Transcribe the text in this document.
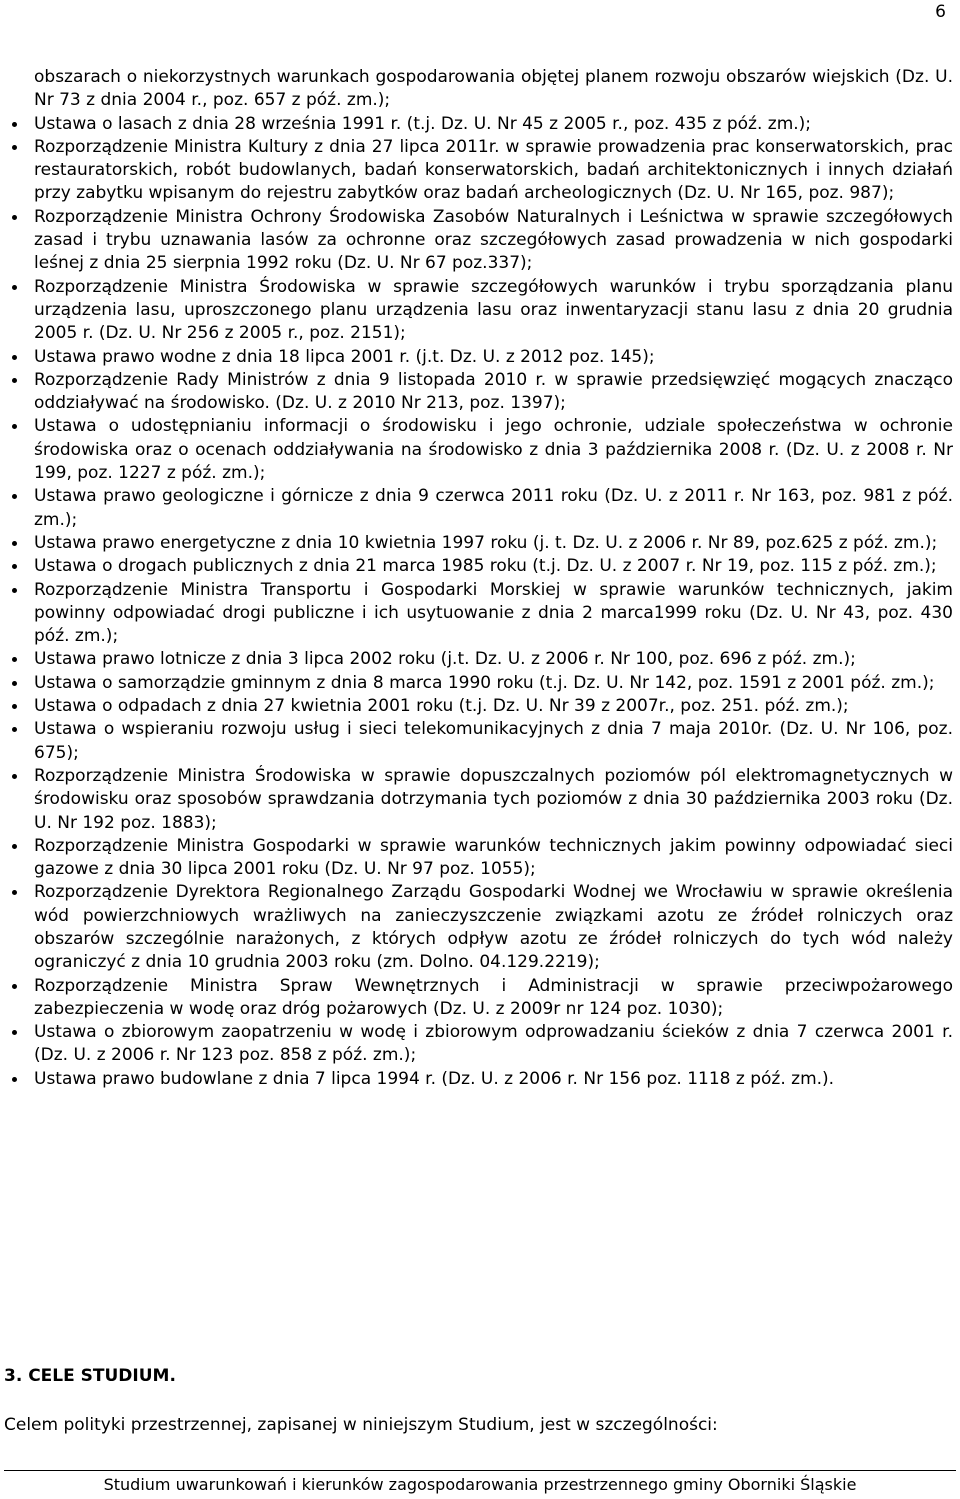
6
obszarach o niekorzystnych warunkach gospodarowania objętej planem rozwoju obszarów wiejskich (Dz. U. Nr 73 z dnia 2004 r., poz. 657 z póź. zm.);
Ustawa o lasach z dnia 28 września 1991 r. (t.j. Dz. U. Nr 45 z 2005 r., poz. 435 z póź. zm.);
Rozporządzenie Ministra Kultury z dnia 27 lipca 2011r. w sprawie prowadzenia prac konserwatorskich, prac restauratorskich, robót budowlanych, badań konserwatorskich, badań architektonicznych i innych działań przy zabytku wpisanym do rejestru zabytków oraz badań archeologicznych (Dz. U. Nr 165, poz. 987);
Rozporządzenie Ministra Ochrony Środowiska Zasobów Naturalnych i Leśnictwa w sprawie szczegółowych zasad i trybu uznawania lasów za ochronne oraz szczegółowych zasad prowadzenia w nich gospodarki leśnej z dnia 25 sierpnia 1992 roku (Dz. U. Nr 67 poz.337);
Rozporządzenie Ministra Środowiska w sprawie szczegółowych warunków i trybu sporządzania planu urządzenia lasu, uproszczonego planu urządzenia lasu oraz inwentaryzacji stanu lasu z dnia 20 grudnia 2005 r. (Dz. U. Nr 256 z 2005 r., poz. 2151);
Ustawa prawo wodne z dnia 18 lipca 2001 r. (j.t. Dz. U. z 2012 poz. 145);
Rozporządzenie Rady Ministrów z dnia 9 listopada 2010 r. w sprawie przedsięwzięć mogących znacząco oddziaływać na środowisko. (Dz. U. z 2010 Nr 213, poz. 1397);
Ustawa o udostępnianiu informacji o środowisku i jego ochronie, udziale społeczeństwa w ochronie środowiska oraz o ocenach oddziaływania na środowisko z dnia 3 października 2008 r. (Dz. U. z 2008 r. Nr 199, poz. 1227 z póź. zm.);
Ustawa prawo geologiczne i górnicze z dnia 9 czerwca 2011 roku (Dz. U. z 2011 r. Nr 163, poz. 981 z póź. zm.);
Ustawa prawo energetyczne z dnia 10 kwietnia 1997 roku (j. t. Dz. U. z 2006 r. Nr 89, poz.625 z póź. zm.);
Ustawa o drogach publicznych z dnia 21 marca 1985 roku (t.j. Dz. U. z 2007 r. Nr 19, poz. 115 z póź. zm.);
Rozporządzenie Ministra Transportu i Gospodarki Morskiej w sprawie warunków technicznych, jakim powinny odpowiadać drogi publiczne i ich usytuowanie z dnia 2 marca1999 roku (Dz. U. Nr 43, poz. 430 póź. zm.);
Ustawa prawo lotnicze z dnia 3 lipca 2002 roku (j.t. Dz. U. z 2006 r. Nr 100, poz. 696 z póź. zm.);
Ustawa o samorządzie gminnym z dnia 8 marca 1990 roku (t.j. Dz. U. Nr 142, poz. 1591 z 2001 póź. zm.);
Ustawa o odpadach z dnia 27 kwietnia 2001 roku (t.j. Dz. U. Nr 39 z 2007r., poz. 251. póź. zm.);
Ustawa o wspieraniu rozwoju usług i sieci telekomunikacyjnych z dnia 7 maja 2010r. (Dz. U. Nr 106, poz. 675);
Rozporządzenie Ministra Środowiska w sprawie dopuszczalnych poziomów pól elektromagnetycznych w środowisku oraz sposobów sprawdzania dotrzymania tych poziomów z dnia 30 października 2003 roku (Dz. U. Nr 192 poz. 1883);
Rozporządzenie Ministra Gospodarki w sprawie warunków technicznych jakim powinny odpowiadać sieci gazowe z dnia 30 lipca 2001 roku (Dz. U. Nr 97 poz. 1055);
Rozporządzenie Dyrektora Regionalnego Zarządu Gospodarki Wodnej we Wrocławiu w sprawie określenia wód powierzchniowych wrażliwych na zanieczyszczenie związkami azotu ze źródeł rolniczych oraz obszarów szczególnie narażonych, z których odpływ azotu ze źródeł rolniczych do tych wód należy ograniczyć z dnia 10 grudnia 2003 roku (zm. Dolno. 04.129.2219);
Rozporządzenie Ministra Spraw Wewnętrznych i Administracji w sprawie przeciwpożarowego zabezpieczenia w wodę oraz dróg pożarowych (Dz. U. z 2009r nr 124 poz. 1030);
Ustawa o zbiorowym zaopatrzeniu w wodę i zbiorowym odprowadzaniu ścieków z dnia 7 czerwca 2001 r. (Dz. U. z 2006 r. Nr 123 poz. 858 z póź. zm.);
Ustawa prawo budowlane z dnia 7 lipca 1994 r. (Dz. U. z 2006 r. Nr 156 poz. 1118 z póź. zm.).
3. CELE STUDIUM.
Celem polityki przestrzennej, zapisanej w niniejszym Studium, jest w szczególności:
Studium uwarunkowań i kierunków zagospodarowania przestrzennego gminy Oborniki Śląskie
